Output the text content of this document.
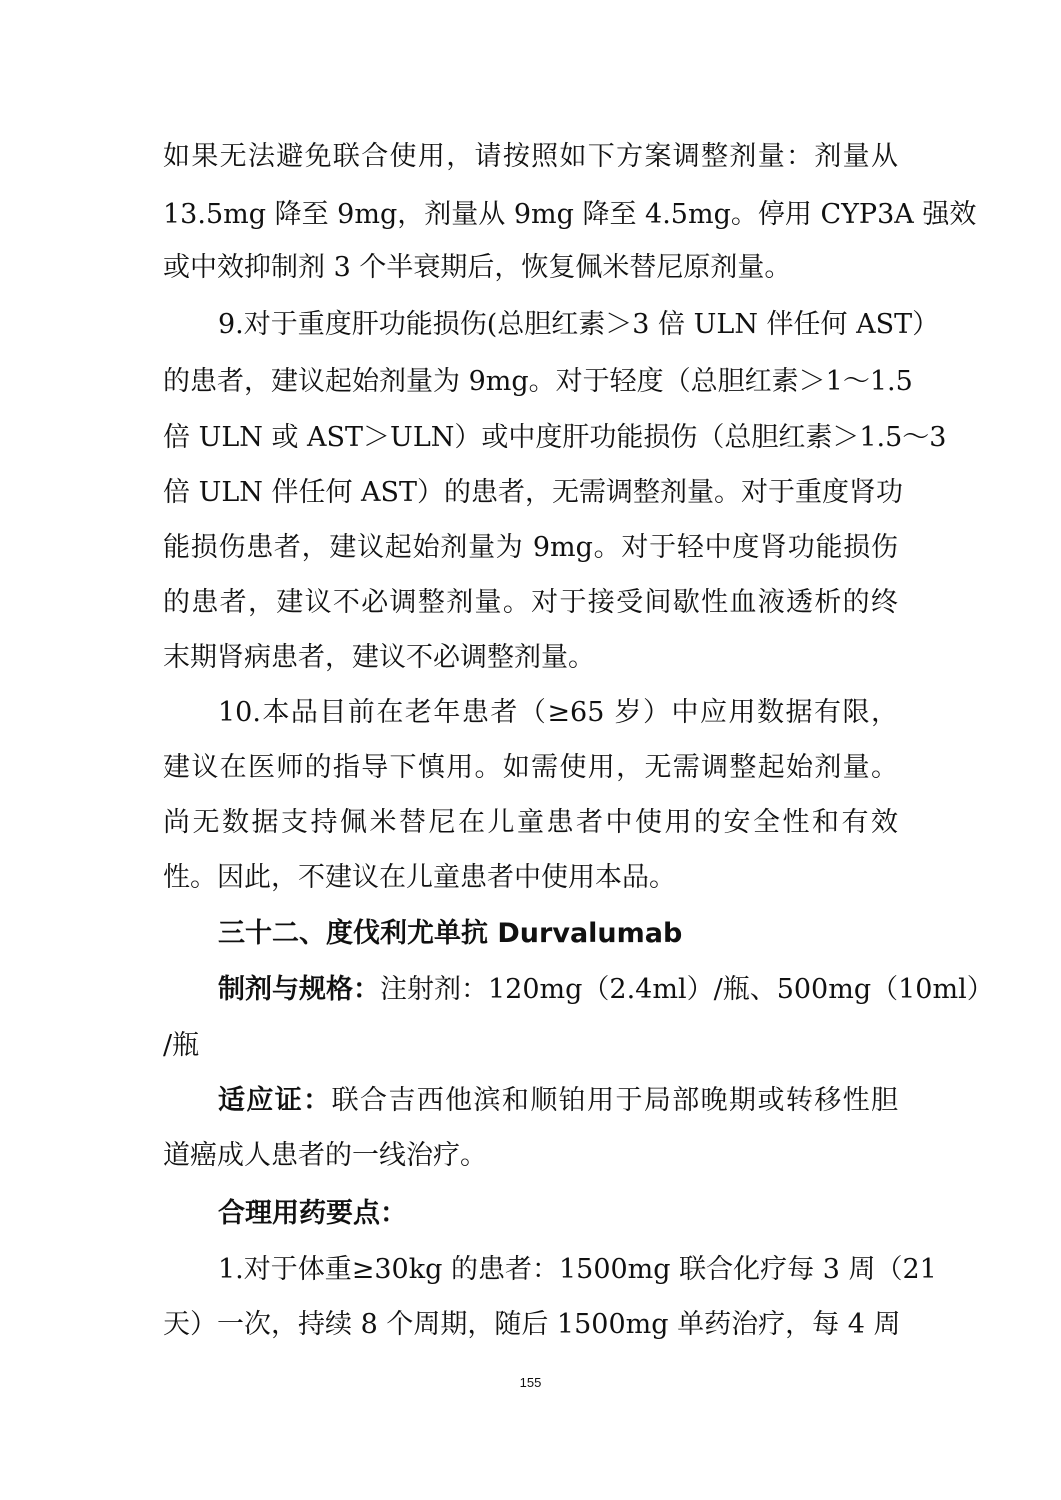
如果无法避免联合使用，请按照如下方案调整剂量：剂量从
13.5mg 降至 9mg，剂量从 9mg 降至 4.5mg。停用 CYP3A 强效
或中效抑制剂 3 个半衰期后，恢复佩米替尼原剂量。
9.对于重度肝功能损伤(总胆红素＞3 倍 ULN 伴任何 AST）
的患者，建议起始剂量为 9mg。对于轻度（总胆红素＞1～1.5
倍 ULN 或 AST＞ULN）或中度肝功能损伤（总胆红素＞1.5～3
倍 ULN 伴任何 AST）的患者，无需调整剂量。对于重度肾功
能损伤患者，建议起始剂量为 9mg。对于轻中度肾功能损伤
的患者，建议不必调整剂量。对于接受间歇性血液透析的终
末期肾病患者，建议不必调整剂量。
10.本品目前在老年患者（≥65 岁）中应用数据有限，
建议在医师的指导下慎用。如需使用，无需调整起始剂量。
尚无数据支持佩米替尼在儿童患者中使用的安全性和有效
性。因此，不建议在儿童患者中使用本品。
三十二、度伐利尤单抗 Durvalumab
制剂与规格：注射剂：120mg（2.4ml）/瓶、500mg（10ml）
/瓶
适应证：联合吉西他滨和顺铂用于局部晚期或转移性胆
道癌成人患者的一线治疗。
合理用药要点：
1.对于体重≥30kg 的患者：1500mg 联合化疗每 3 周（21
天）一次，持续 8 个周期，随后 1500mg 单药治疗，每 4 周
155
